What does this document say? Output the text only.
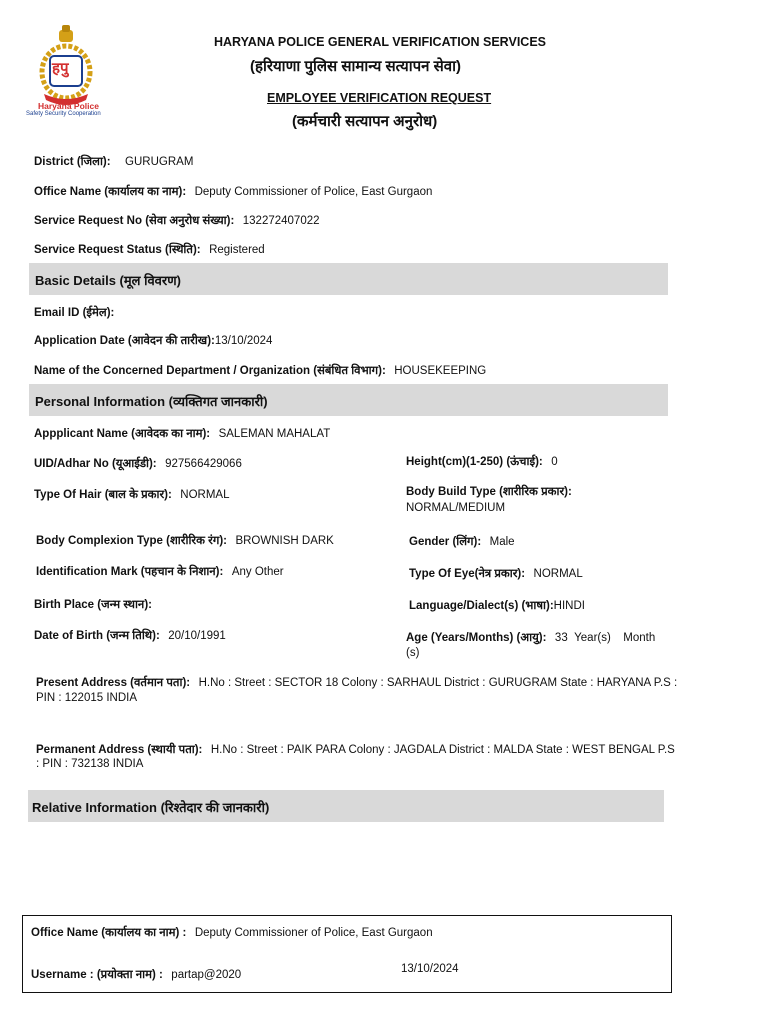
हपु
Haryana Police
Safety Security Cooperation
HARYANA POLICE GENERAL VERIFICATION SERVICES
(हरियाणा पुलिस सामान्य सत्यापन सेवा)
EMPLOYEE VERIFICATION REQUEST
(कर्मचारी सत्यापन अनुरोध)
District (जिला): GURUGRAM
Office Name (कार्यालय का नाम): Deputy Commissioner of Police, East Gurgaon
Service Request No (सेवा अनुरोध संख्या): 132272407022
Service Request Status (स्थिति): Registered
Basic Details (मूल विवरण)
Email ID (ईमेल):
Application Date (आवेदन की तारीख):13/10/2024
Name of the Concerned Department / Organization (संबंधित विभाग): HOUSEKEEPING
Personal Information (व्यक्तिगत जानकारी)
Appplicant Name (आवेदक का नाम): SALEMAN MAHALAT
UID/Adhar No (यूआईडी): 927566429066	Height(cm)(1-250) (ऊंचाई): 0
Type Of Hair (बाल के प्रकार): NORMAL	Body Build Type (शारीरिक प्रकार):
NORMAL/MEDIUM
Body Complexion Type (शारीरिक रंग): BROWNISH DARK	Gender (लिंग): Male
Identification Mark (पहचान के निशान): Any Other	Type Of Eye(नेत्र प्रकार): NORMAL
Birth Place (जन्म स्थान):	Language/Dialect(s) (भाषा):HINDI
Date of Birth (जन्म तिथि): 20/10/1991	Age (Years/Months) (आयु): 33 Year(s) Month
(s)
Present Address (वर्तमान पता): H.No : Street : SECTOR 18 Colony : SARHAUL District : GURUGRAM State : HARYANA P.S :
PIN : 122015 INDIA
Permanent Address (स्थायी पता): H.No : Street : PAIK PARA Colony : JAGDALA District : MALDA State : WEST BENGAL P.S
: PIN : 732138 INDIA
Relative Information (रिश्तेदार की जानकारी)
Office Name (कार्यालय का नाम) : Deputy Commissioner of Police, East Gurgaon
Username : (प्रयोक्ता नाम) : partap@2020	13/10/2024
